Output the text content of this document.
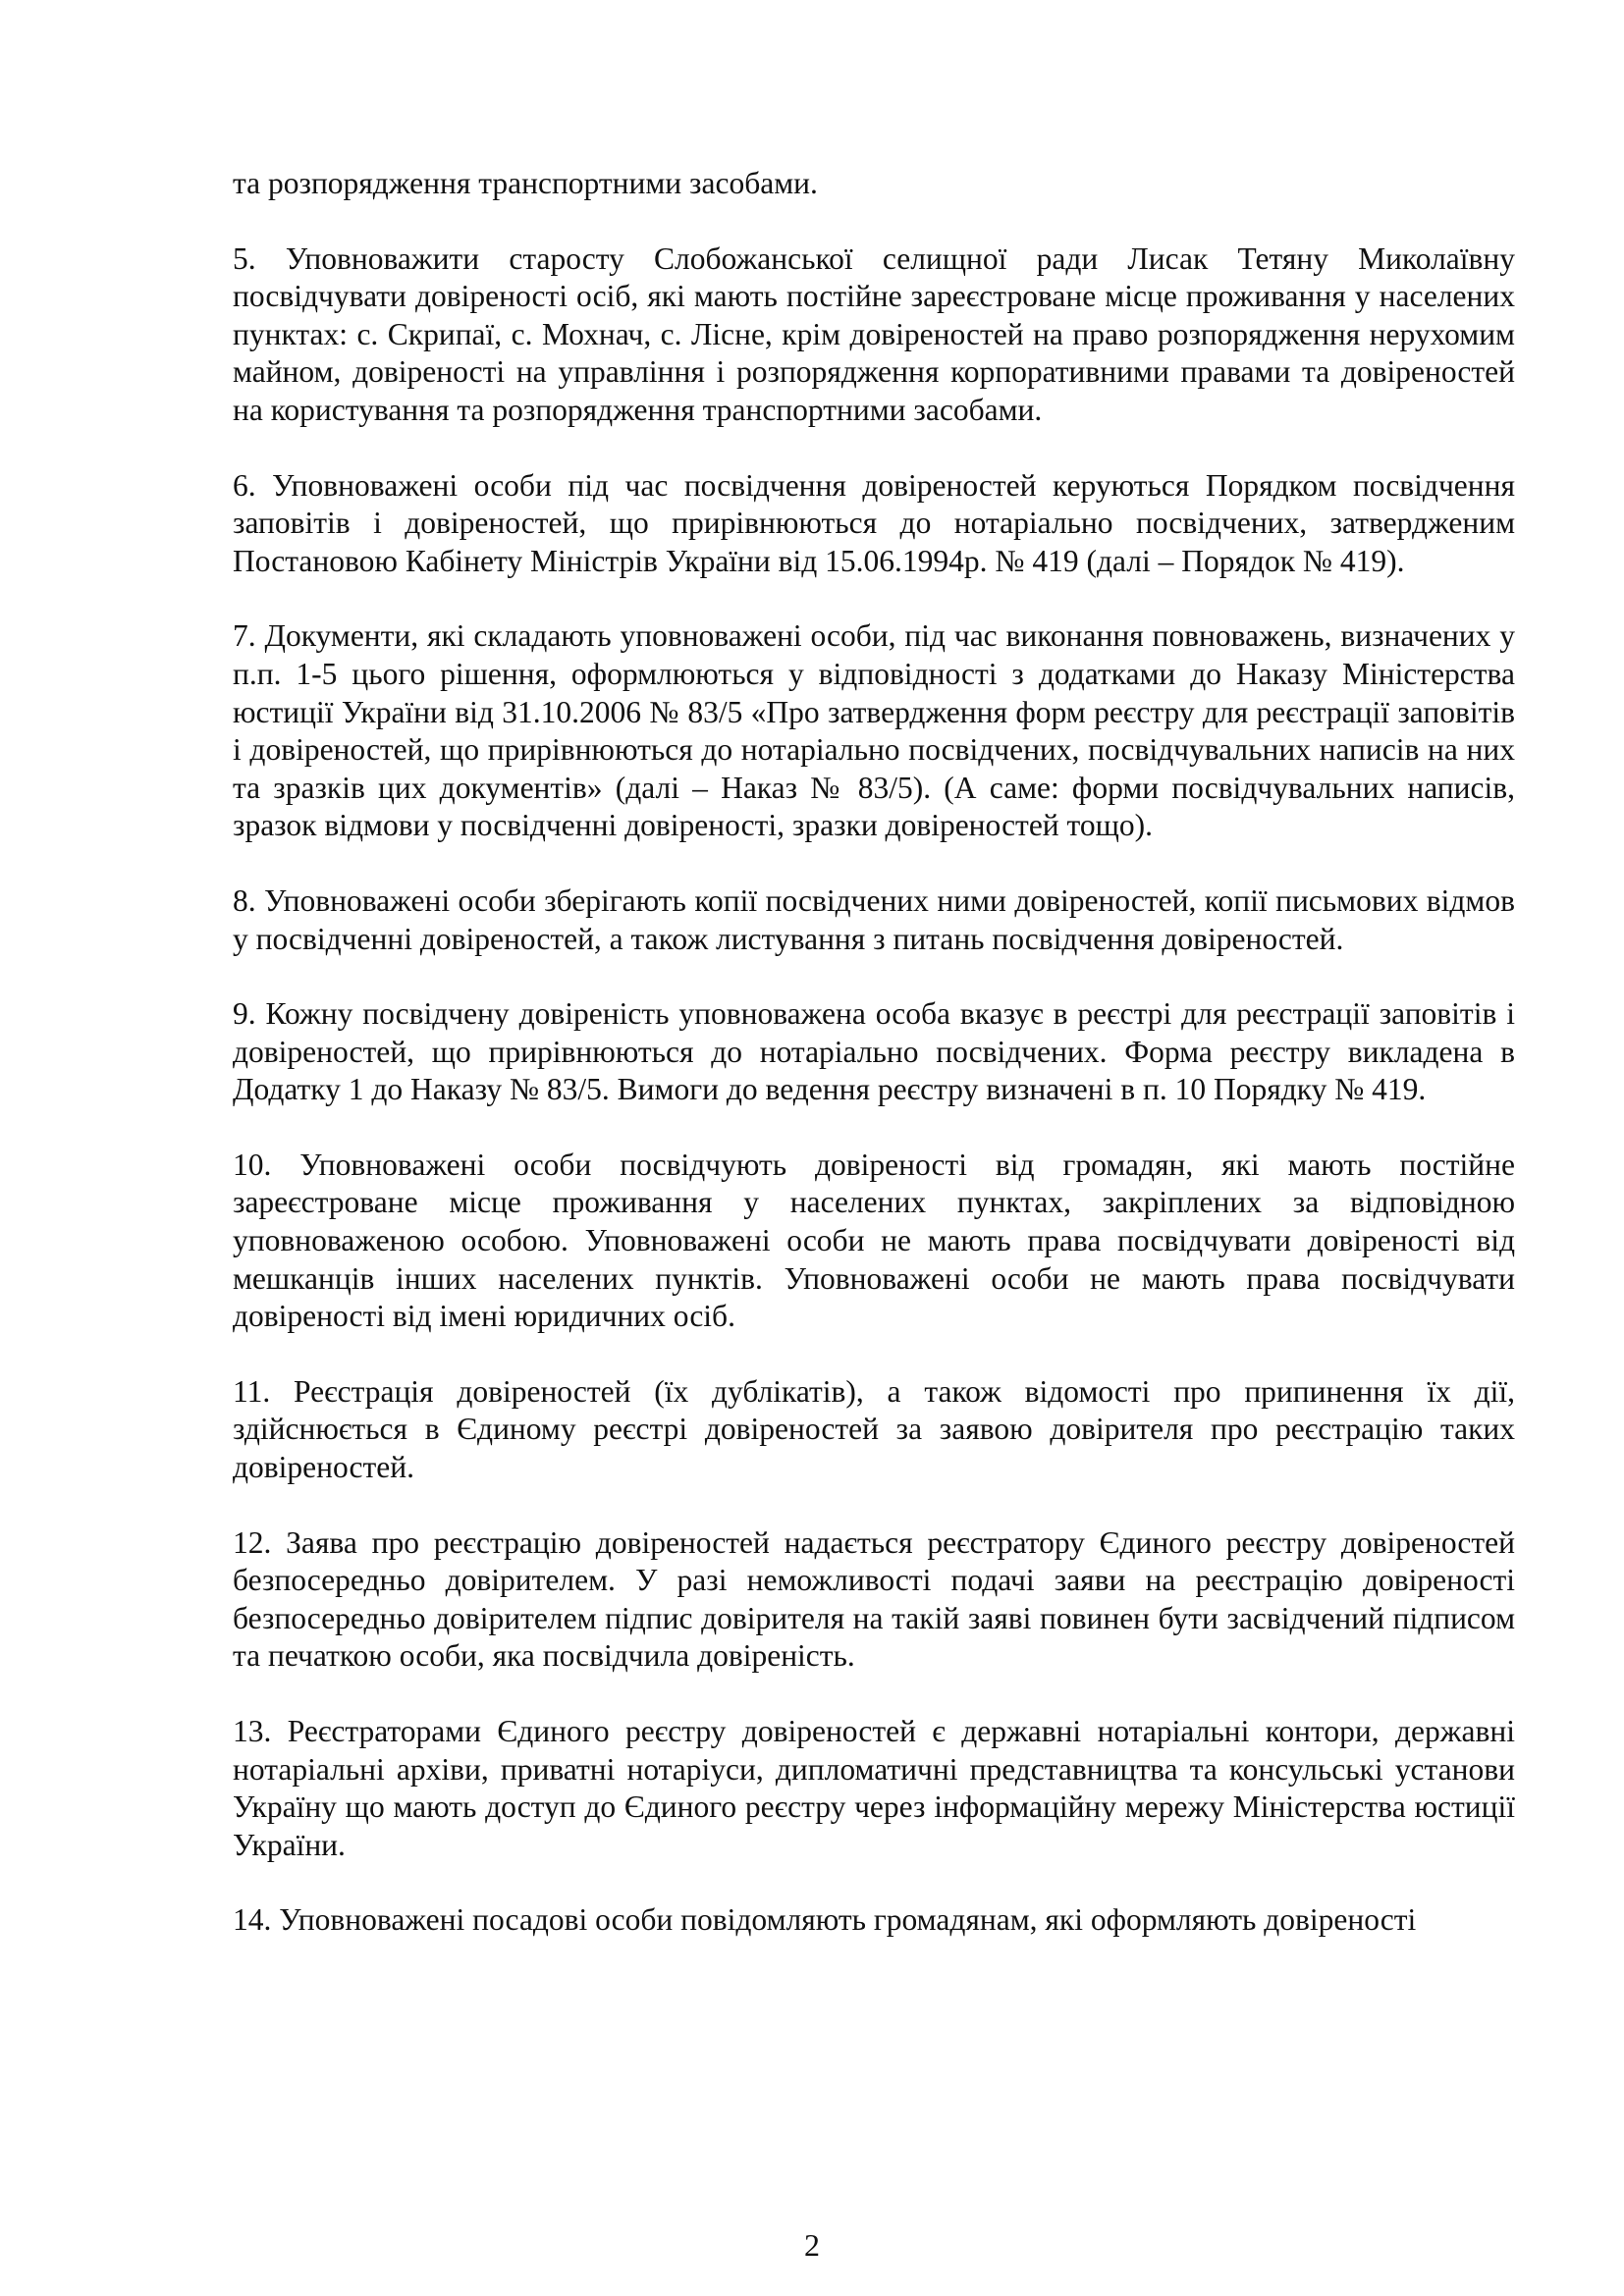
та розпорядження транспортними засобами.

5. Уповноважити старосту Слобожанської селищної ради Лисак Тетяну Миколаївну посвідчувати довіреності осіб, які мають постійне зареєстроване місце проживання у населених пунктах: с. Скрипаї, с. Мохнач, с. Лісне, крім довіреностей на право розпорядження нерухомим майном, довіреності на управління і розпорядження корпоративними правами та довіреностей на користування та розпорядження транспортними засобами.

6. Уповноважені особи під час посвідчення довіреностей керуються Порядком посвідчення заповітів і довіреностей, що прирівнюються до нотаріально посвідчених, затвердженим Постановою Кабінету Міністрів України від 15.06.1994р. № 419 (далі – Порядок № 419).

7. Документи, які складають уповноважені особи, під час виконання повноважень, визначених у п.п. 1-5 цього рішення, оформлюються у відповідності з додатками до Наказу Міністерства юстиції України від 31.10.2006 № 83/5 «Про затвердження форм реєстру для реєстрації заповітів і довіреностей, що прирівнюються до нотаріально посвідчених, посвідчувальних написів на них та зразків цих документів» (далі – Наказ № 83/5). (А саме: форми посвідчувальних написів, зразок відмови у посвідченні довіреності, зразки довіреностей тощо).

8. Уповноважені особи зберігають копії посвідчених ними довіреностей, копії письмових відмов у посвідченні довіреностей, а також листування з питань посвідчення довіреностей.

9. Кожну посвідчену довіреність уповноважена особа вказує в реєстрі для реєстрації заповітів і довіреностей, що прирівнюються до нотаріально посвідчених. Форма реєстру викладена в Додатку 1 до Наказу № 83/5. Вимоги до ведення реєстру визначені в п. 10 Порядку № 419.

10. Уповноважені особи посвідчують довіреності від громадян, які мають постійне зареєстроване місце проживання у населених пунктах, закріплених за відповідною уповноваженою особою. Уповноважені особи не мають права посвідчувати довіреності від мешканців інших населених пунктів. Уповноважені особи не мають права посвідчувати довіреності від імені юридичних осіб.

11. Реєстрація довіреностей (їх дублікатів), а також відомості про припинення їх дії, здійснюється в Єдиному реєстрі довіреностей за заявою довірителя про реєстрацію таких довіреностей.

12. Заява про реєстрацію довіреностей надається реєстратору Єдиного реєстру довіреностей безпосередньо довірителем. У разі неможливості подачі заяви на реєстрацію довіреності безпосередньо довірителем підпис довірителя на такій заяві повинен бути засвідчений підписом та печаткою особи, яка посвідчила довіреність.

13. Реєстраторами Єдиного реєстру довіреностей є державні нотаріальні контори, державні нотаріальні архіви, приватні нотаріуси, дипломатичні представництва та консульські установи Україну що мають доступ до Єдиного реєстру через інформаційну мережу Міністерства юстиції України.

14. Уповноважені посадові особи повідомляють громадянам, які оформляють довіреності

2
